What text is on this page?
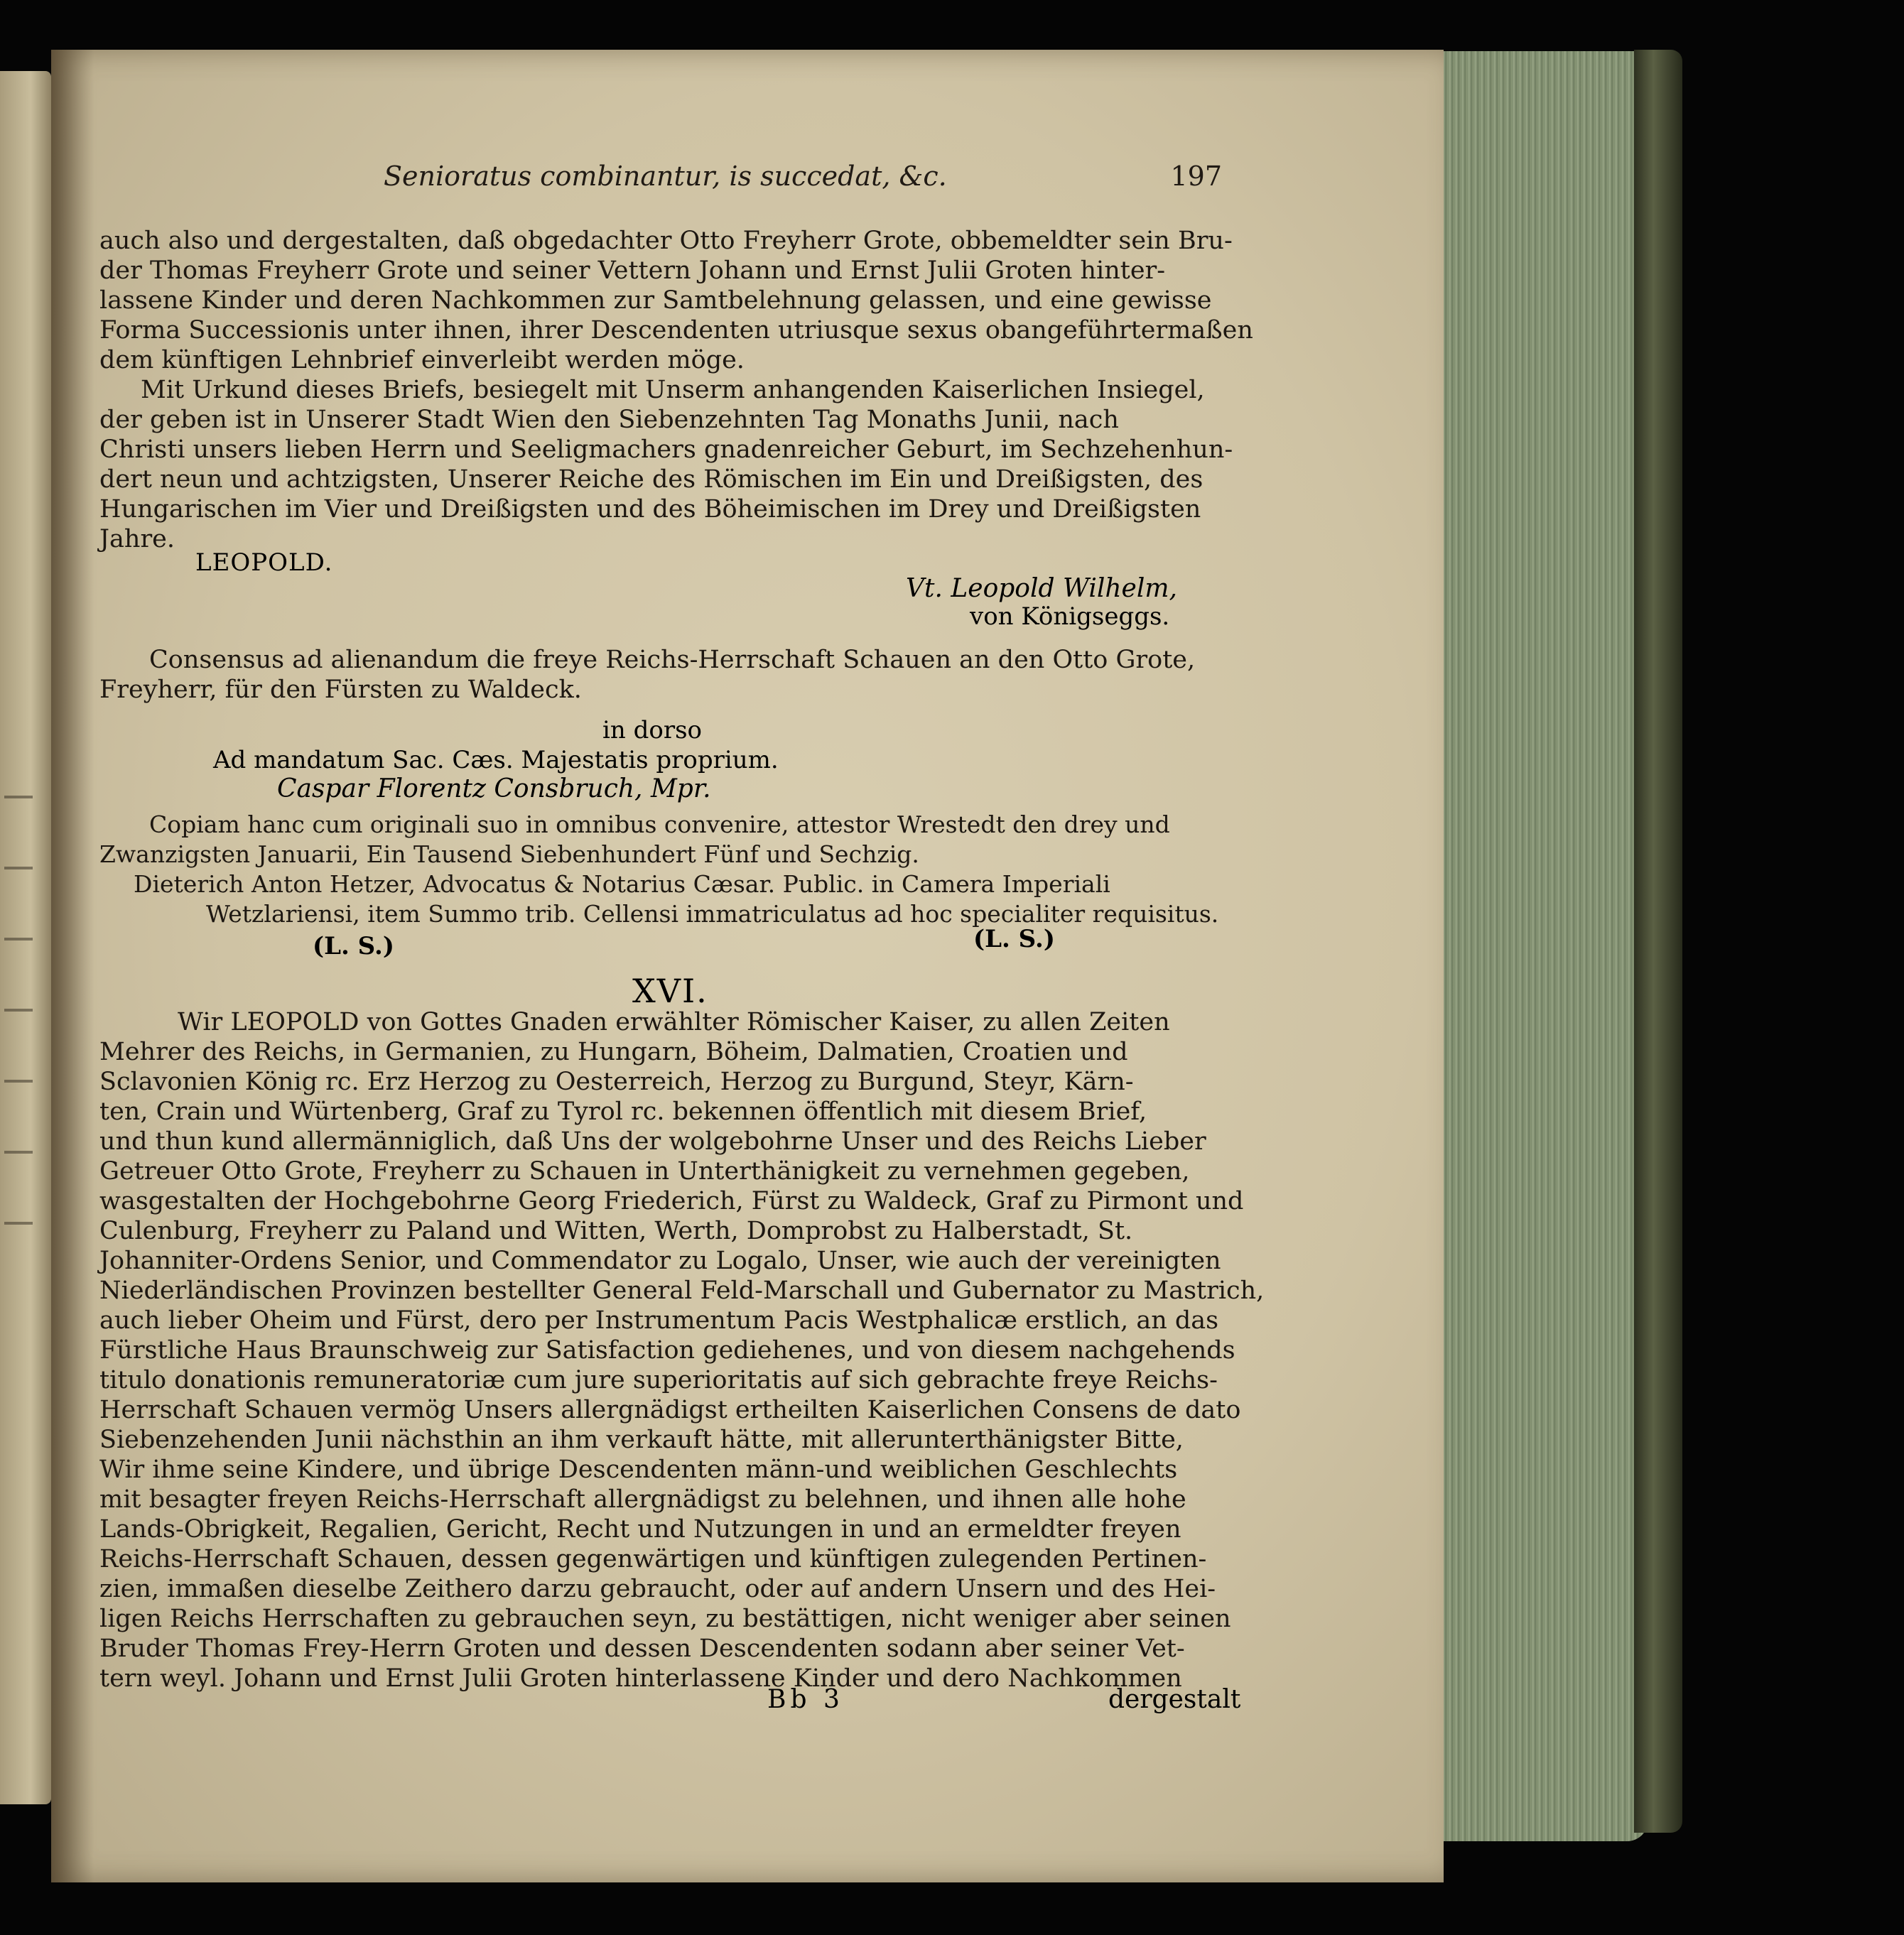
Senioratus combinantur, is succedat, &c.	197

auch also und dergestalten, daß obgedachter Otto Freyherr Grote, obbemeldter sein Bru-

der Thomas Freyherr Grote und seiner Vettern Johann und Ernst Julii Groten hinter-

lassene Kinder und deren Nachkommen zur Samtbelehnung gelassen, und eine gewisse

Forma Successionis unter ihnen, ihrer Descendenten utriusque sexus obangeführtermaßen

dem künftigen Lehnbrief einverleibt werden möge.

Mit Urkund dieses Briefs, besiegelt mit Unserm anhangenden Kaiserlichen Insiegel,

der geben ist in Unserer Stadt Wien den Siebenzehnten Tag Monaths Junii, nach

Christi unsers lieben Herrn und Seeligmachers gnadenreicher Geburt, im Sechzehenhun-

dert neun und achtzigsten, Unserer Reiche des Römischen im Ein und Dreißigsten, des

Hungarischen im Vier und Dreißigsten und des Böheimischen im Drey und Dreißigsten

Jahre.

LEOPOLD.
Vt. Leopold Wilhelm,
von Königseggs.

Consensus ad alienandum die freye Reichs-Herrschaft Schauen an den Otto Grote,

Freyherr, für den Fürsten zu Waldeck.

in dorso
Ad mandatum Sac. Cæs. Majestatis proprium.
Caspar Florentz Consbruch, Mpr.

Copiam hanc cum originali suo in omnibus convenire, attestor Wrestedt den drey und

Zwanzigsten Januarii, Ein Tausend Siebenhundert Fünf und Sechzig.

Dieterich Anton Hetzer, Advocatus & Notarius Cæsar. Public. in Camera Imperiali

Wetzlariensi, item Summo trib. Cellensi immatriculatus ad hoc specialiter requisitus.

(L. S.)	(L. S.)
XVI.

Wir LEOPOLD von Gottes Gnaden erwählter Römischer Kaiser, zu allen Zeiten

Mehrer des Reichs, in Germanien, zu Hungarn, Böheim, Dalmatien, Croatien und

Sclavonien König rc. Erz Herzog zu Oesterreich, Herzog zu Burgund, Steyr, Kärn-

ten, Crain und Würtenberg, Graf zu Tyrol rc. bekennen öffentlich mit diesem Brief,

und thun kund allermänniglich, daß Uns der wolgebohrne Unser und des Reichs Lieber

Getreuer Otto Grote, Freyherr zu Schauen in Unterthänigkeit zu vernehmen gegeben,

wasgestalten der Hochgebohrne Georg Friederich, Fürst zu Waldeck, Graf zu Pirmont und

Culenburg, Freyherr zu Paland und Witten, Werth, Domprobst zu Halberstadt, St.

Johanniter-Ordens Senior, und Commendator zu Logalo, Unser, wie auch der vereinigten

Niederländischen Provinzen bestellter General Feld-Marschall und Gubernator zu Mastrich,

auch lieber Oheim und Fürst, dero per Instrumentum Pacis Westphalicæ erstlich, an das

Fürstliche Haus Braunschweig zur Satisfaction gediehenes, und von diesem nachgehends

titulo donationis remuneratoriæ cum jure superioritatis auf sich gebrachte freye Reichs-

Herrschaft Schauen vermög Unsers allergnädigst ertheilten Kaiserlichen Consens de dato

Siebenzehenden Junii nächsthin an ihm verkauft hätte, mit allerunterthänigster Bitte,

Wir ihme seine Kindere, und übrige Descendenten männ-und weiblichen Geschlechts

mit besagter freyen Reichs-Herrschaft allergnädigst zu belehnen, und ihnen alle hohe

Lands-Obrigkeit, Regalien, Gericht, Recht und Nutzungen in und an ermeldter freyen

Reichs-Herrschaft Schauen, dessen gegenwärtigen und künftigen zulegenden Pertinen-

zien, immaßen dieselbe Zeithero darzu gebraucht, oder auf andern Unsern und des Hei-

ligen Reichs Herrschaften zu gebrauchen seyn, zu bestättigen, nicht weniger aber seinen

Bruder Thomas Frey-Herrn Groten und dessen Descendenten sodann aber seiner Vet-

tern weyl. Johann und Ernst Julii Groten hinterlassene Kinder und dero Nachkommen

Bb 3	dergestalt
